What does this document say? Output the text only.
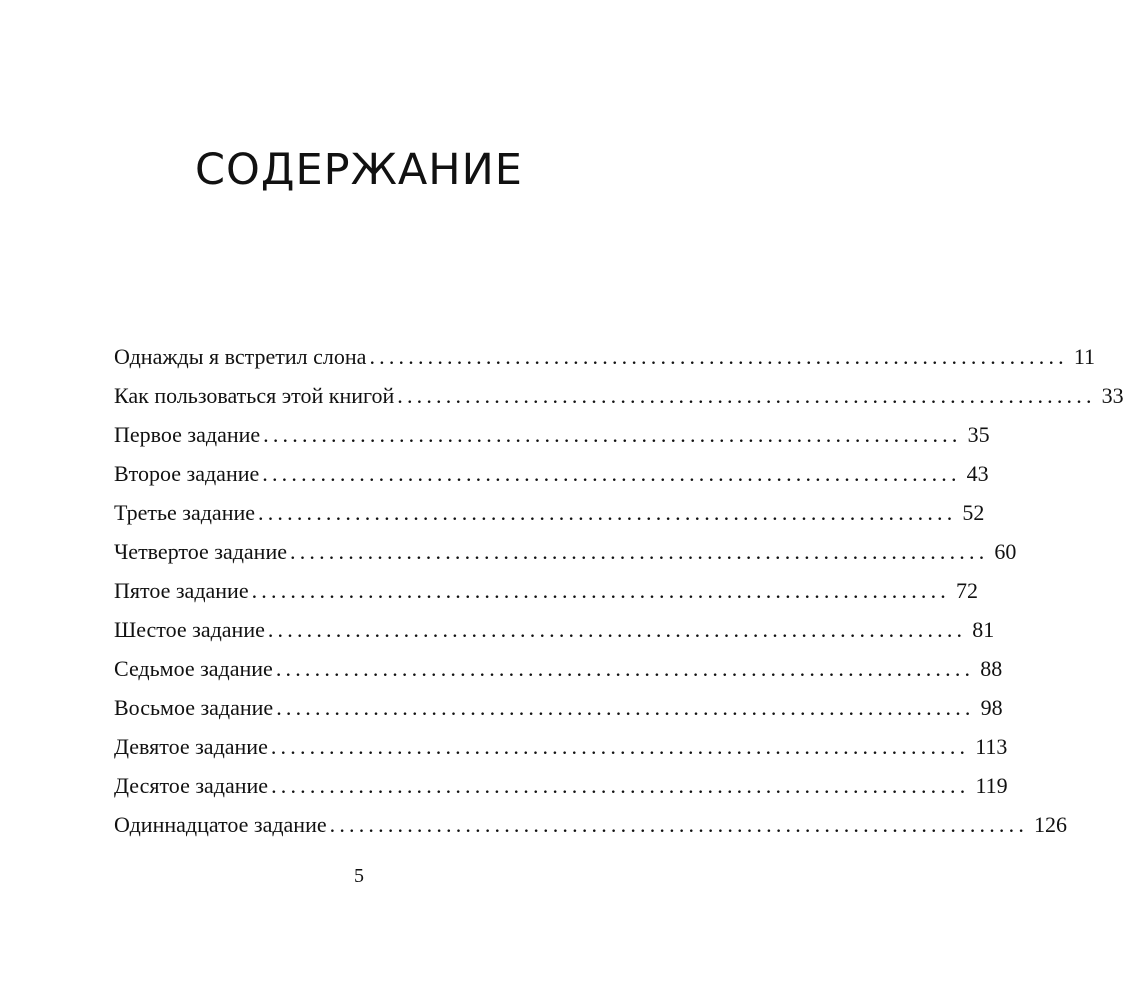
СОДЕРЖАНИЕ
Однажды я встретил слона ........................................................................ 11
Как пользоваться этой книгой ........................................................................ 33
Первое задание ........................................................................ 35
Второе задание ........................................................................ 43
Третье задание ........................................................................ 52
Четвертое задание ........................................................................ 60
Пятое задание ........................................................................ 72
Шестое задание ........................................................................ 81
Седьмое задание ........................................................................ 88
Восьмое задание ........................................................................ 98
Девятое задание ........................................................................ 113
Десятое задание ........................................................................ 119
Одиннадцатое задание ........................................................................ 126
5
